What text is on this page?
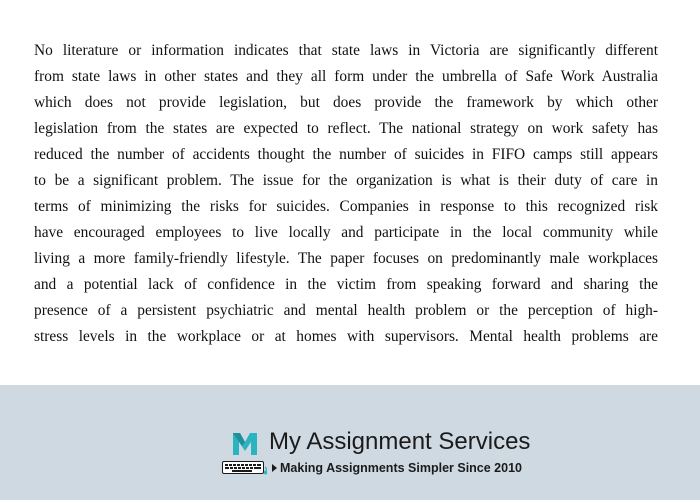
No literature or information indicates that state laws in Victoria are significantly different
from state laws in other states and they all form under the umbrella of Safe Work Australia
which does not provide legislation, but does provide the framework by which other
legislation from the states are expected to reflect. The national strategy on work safety has
reduced the number of accidents thought the number of suicides in FIFO camps still appears
to be a significant problem. The issue for the organization is what is their duty of care in
terms of minimizing the risks for suicides. Companies in response to this recognized risk
have encouraged employees to live locally and participate in the local community while
living a more family-friendly lifestyle. The paper focuses on predominantly male workplaces
and a potential lack of confidence in the victim from speaking forward and sharing the
presence of a persistent psychiatric and mental health problem or the perception of high-
stress levels in the workplace or at homes with supervisors. Mental health problems are
My Assignment Services
Making Assignments Simpler Since 2010
